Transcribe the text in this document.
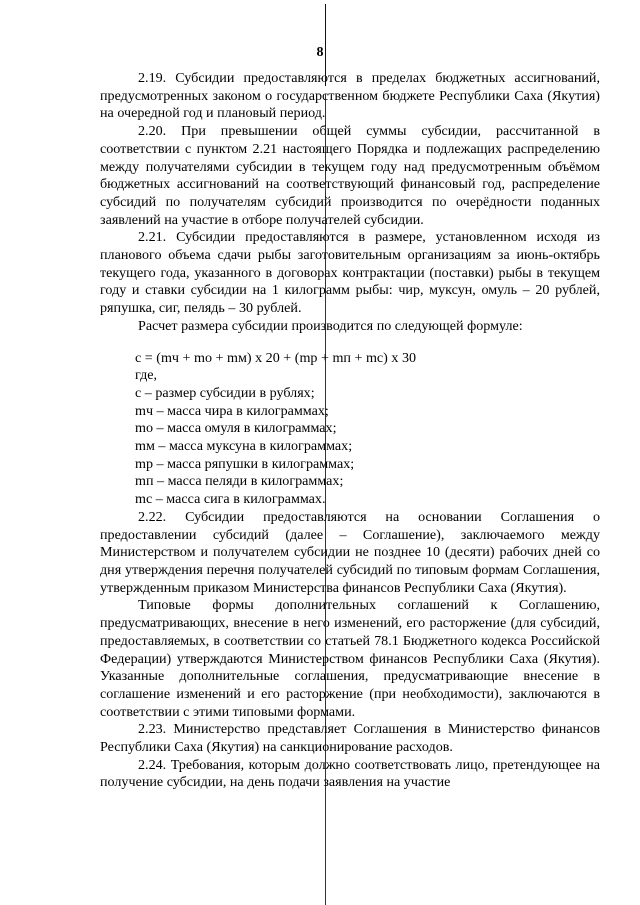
8

2.19. Субсидии предоставляются в пределах бюджетных ассигнований, предусмотренных законом о государственном бюджете Республики Саха (Якутия) на очередной год и плановый период.

2.20. При превышении общей суммы субсидии, рассчитанной в соответствии с пунктом 2.21 настоящего Порядка и подлежащих распределению между получателями субсидии в текущем году над предусмотренным объёмом бюджетных ассигнований на соответствующий финансовый год, распределение субсидий по получателям субсидий производится по очерёдности поданных заявлений на участие в отборе получателей субсидии.

2.21. Субсидии предоставляются в размере, установленном исходя из планового объема сдачи рыбы заготовительным организациям за июнь-октябрь текущего года, указанного в договорах контрактации (поставки) рыбы в текущем году и ставки субсидии на 1 килограмм рыбы: чир, муксун, омуль – 20 рублей, ряпушка, сиг, пелядь – 30 рублей.

Расчет размера субсидии производится по следующей формуле:

с = (mч + mо + mм) х 20 + (mр + mп + mс) х 30

где,
с – размер субсидии в рублях;
mч – масса чира в килограммах;
mо – масса омуля в килограммах;
mм – масса муксуна в килограммах;
mр – масса ряпушки в килограммах;
mп – масса пеляди в килограммах;
mс – масса сига в килограммах.

2.22. Субсидии предоставляются на основании Соглашения о предоставлении субсидий (далее – Соглашение), заключаемого между Министерством и получателем субсидии не позднее 10 (десяти) рабочих дней со дня утверждения перечня получателей субсидий по типовым формам Соглашения, утвержденным приказом Министерства финансов Республики Саха (Якутия).

Типовые формы дополнительных соглашений к Соглашению, предусматривающих, внесение в него изменений, его расторжение (для субсидий, предоставляемых, в соответствии со статьей 78.1 Бюджетного кодекса Российской Федерации) утверждаются Министерством финансов Республики Саха (Якутия). Указанные дополнительные соглашения, предусматривающие внесение в соглашение изменений и его расторжение (при необходимости), заключаются в соответствии с этими типовыми формами.

2.23. Министерство представляет Соглашения в Министерство финансов Республики Саха (Якутия) на санкционирование расходов.

2.24. Требования, которым должно соответствовать лицо, претендующее на получение субсидии, на день подачи заявления на участие
